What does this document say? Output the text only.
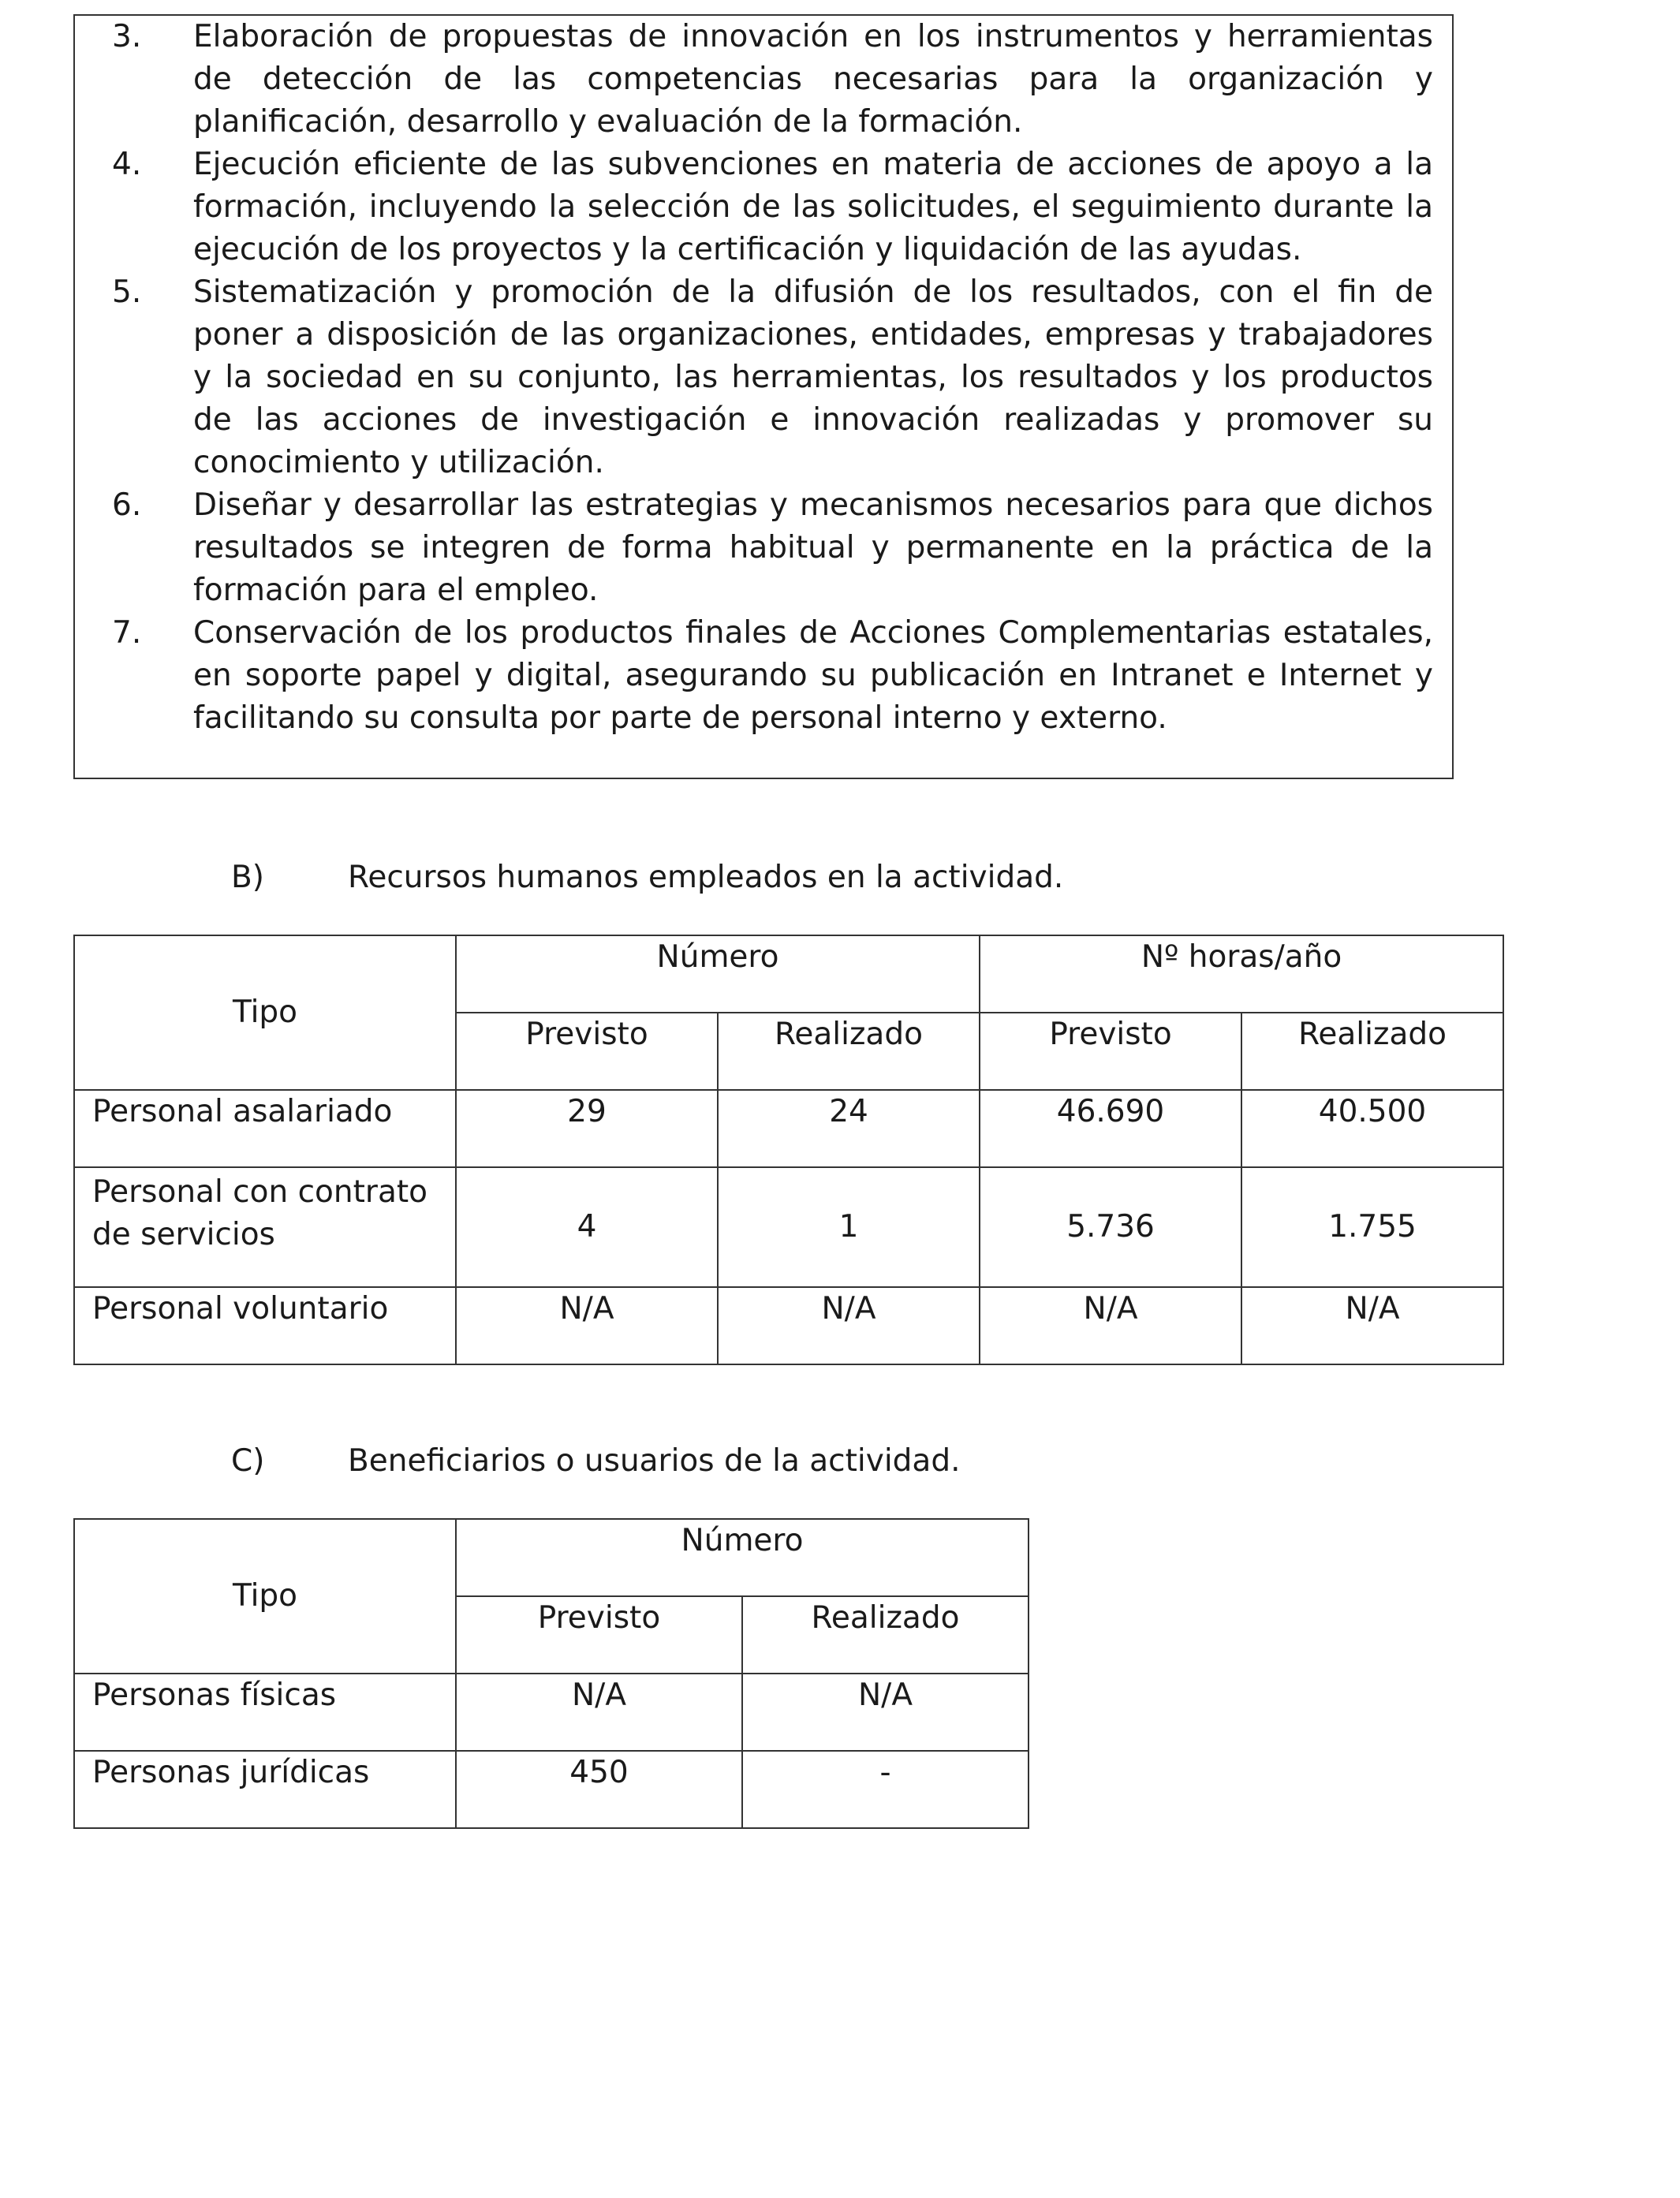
3. Elaboración de propuestas de innovación en los instrumentos y herramientas de detección de las competencias necesarias para la organización y planificación, desarrollo y evaluación de la formación.
4. Ejecución eficiente de las subvenciones en materia de acciones de apoyo a la formación, incluyendo la selección de las solicitudes, el seguimiento durante la ejecución de los proyectos y la certificación y liquidación de las ayudas.
5. Sistematización y promoción de la difusión de los resultados, con el fin de poner a disposición de las organizaciones, entidades, empresas y trabajadores y la sociedad en su conjunto, las herramientas, los resultados y los productos de las acciones de investigación e innovación realizadas y promover su conocimiento y utilización.
6. Diseñar y desarrollar las estrategias y mecanismos necesarios para que dichos resultados se integren de forma habitual y permanente en la práctica de la formación para el empleo.
7. Conservación de los productos finales de Acciones Complementarias estatales, en soporte papel y digital, asegurando su publicación en Intranet e Internet y facilitando su consulta por parte de personal interno y externo.
B)	Recursos humanos empleados en la actividad.
Tipo	Número		Nº horas/año	
	Previsto	Realizado	Previsto	Realizado
Personal asalariado	29	24	46.690	40.500
Personal con contrato de servicios	4	1	5.736	1.755
Personal voluntario	N/A	N/A	N/A	N/A
C)	Beneficiarios o usuarios de la actividad.
Tipo	Número	
	Previsto	Realizado
Personas físicas	N/A	N/A
Personas jurídicas	450	-
